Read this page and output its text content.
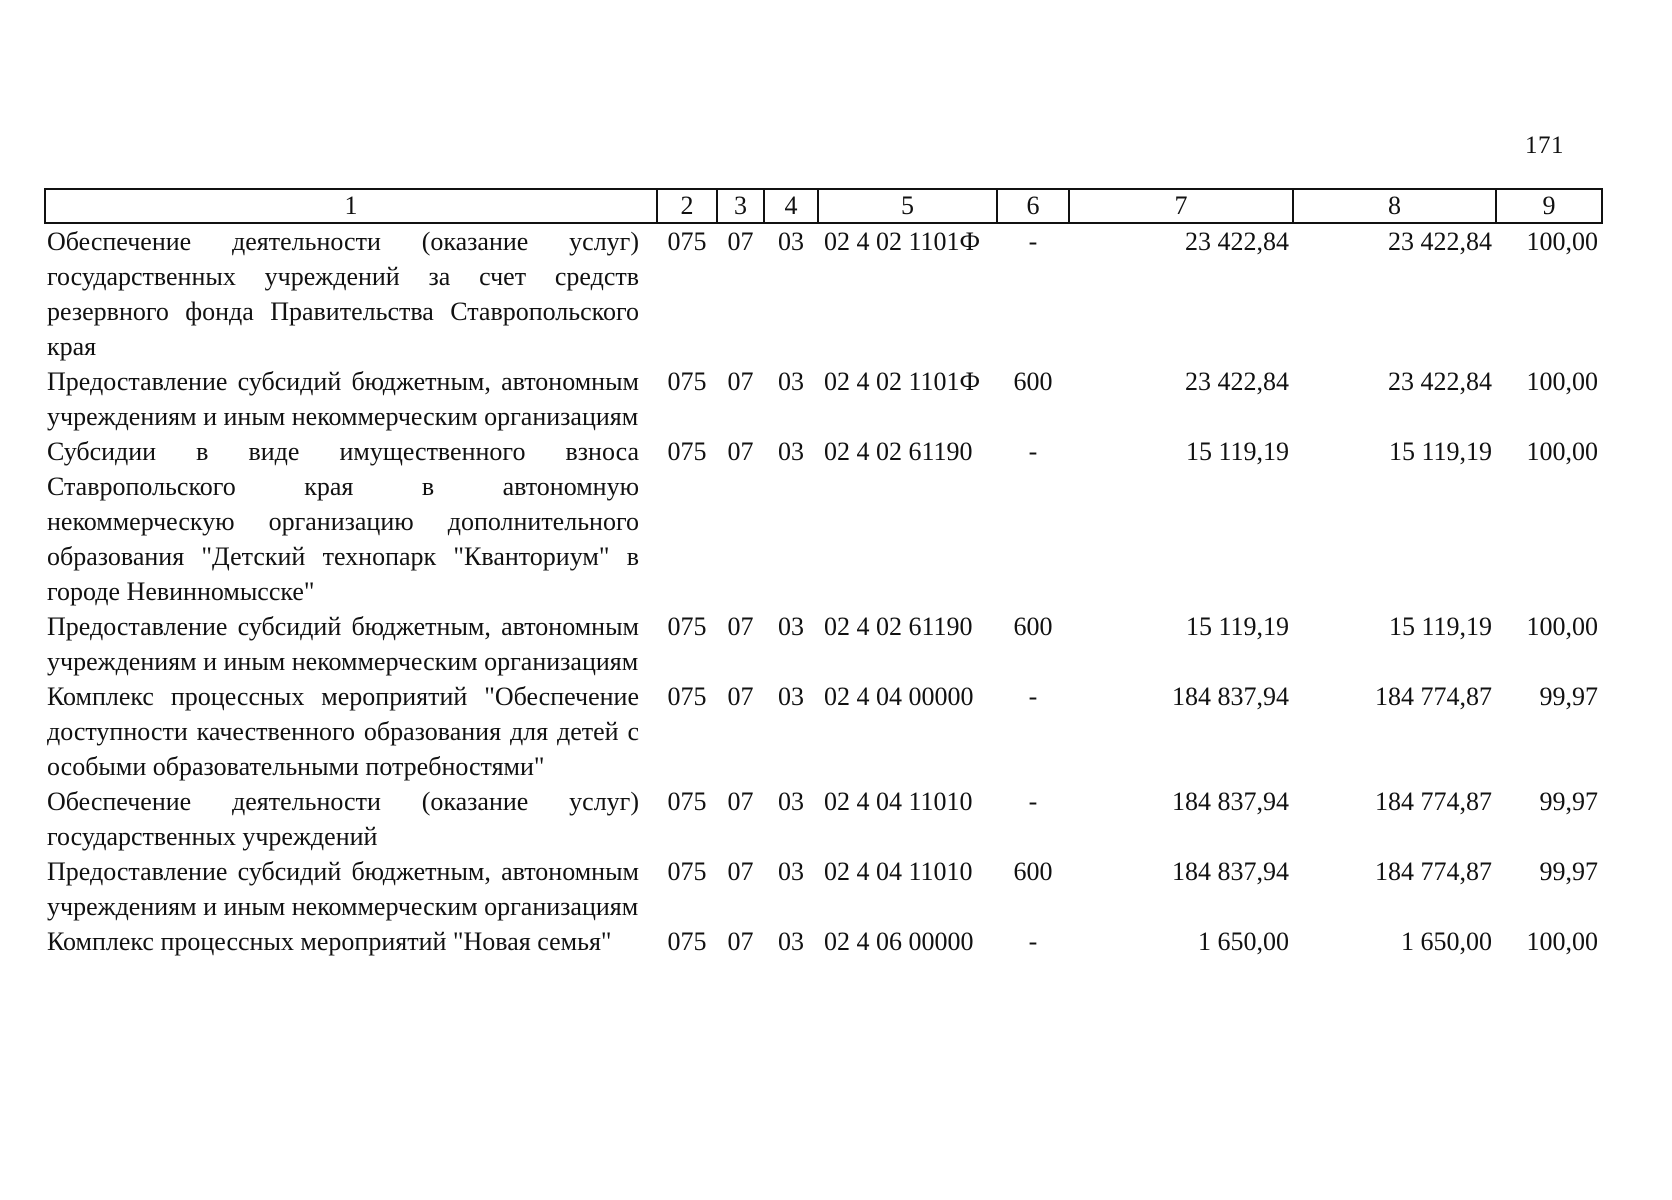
171
1	2	3	4	5	6	7	8	9
Обеспечение деятельности (оказание услуг) государственных учреждений за счет средств резервного фонда Правительства Ставропольского края	075	07	03	02 4 02 1101Ф	-	23 422,84	23 422,84	100,00
Предоставление субсидий бюджетным, автономным учреждениям и иным некоммерческим организациям	075	07	03	02 4 02 1101Ф	600	23 422,84	23 422,84	100,00
Субсидии в виде имущественного взноса Ставропольского края в автономную некоммерческую организацию дополнительного образования "Детский технопарк "Кванториум" в городе Невинномысске"	075	07	03	02 4 02 61190	-	15 119,19	15 119,19	100,00
Предоставление субсидий бюджетным, автономным учреждениям и иным некоммерческим организациям	075	07	03	02 4 02 61190	600	15 119,19	15 119,19	100,00
Комплекс процессных мероприятий "Обеспечение доступности качественного образования для детей с особыми образовательными потребностями"	075	07	03	02 4 04 00000	-	184 837,94	184 774,87	99,97
Обеспечение деятельности (оказание услуг) государственных учреждений	075	07	03	02 4 04 11010	-	184 837,94	184 774,87	99,97
Предоставление субсидий бюджетным, автономным учреждениям и иным некоммерческим организациям	075	07	03	02 4 04 11010	600	184 837,94	184 774,87	99,97
Комплекс процессных мероприятий "Новая семья"	075	07	03	02 4 06 00000	-	1 650,00	1 650,00	100,00
